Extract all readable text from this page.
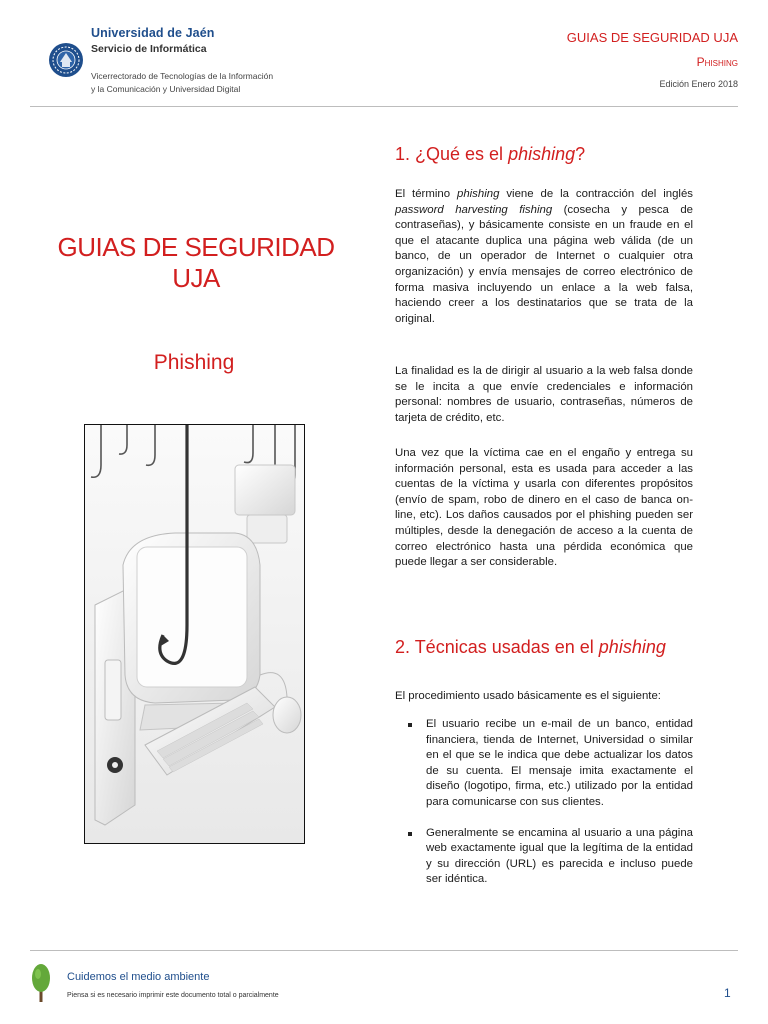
Universidad de Jaén
Servicio de Informática
Vicerrectorado de Tecnologías de la Información
y la Comunicación y Universidad Digital
GUIAS DE SEGURIDAD UJA
Phishing
Edición Enero 2018
GUIAS DE SEGURIDAD UJA
Phishing
1. ¿Qué es el phishing?
El término phishing viene de la contracción del inglés password harvesting fishing (cosecha y pesca de contraseñas), y básicamente consiste en un fraude en el que el atacante duplica una página web válida (de un banco, de un operador de Internet o cualquier otra organización) y envía mensajes de correo electrónico de forma masiva incluyendo un enlace a la web falsa, haciendo creer a los destinatarios que se trata de la original.
La finalidad es la de dirigir al usuario a la web falsa donde se le incita a que envíe credenciales e información personal: nombres de usuario, contraseñas, números de tarjeta de crédito, etc.
Una vez que la víctima cae en el engaño y entrega su información personal, esta es usada para acceder a las cuentas de la víctima y usarla con diferentes propósitos (envío de spam, robo de dinero en el caso de banca on-line, etc). Los daños causados por el phishing pueden ser múltiples, desde la denegación de acceso a la cuenta de correo electrónico hasta una pérdida económica que puede llegar a ser considerable.
2. Técnicas usadas en el phishing
El procedimiento usado básicamente es el siguiente:
El usuario recibe un e-mail de un banco, entidad financiera, tienda de Internet, Universidad o similar en el que se le indica que debe actualizar los datos de su cuenta. El mensaje imita exactamente el diseño (logotipo, firma, etc.) utilizado por la entidad para comunicarse con sus clientes.
Generalmente se encamina al usuario a una página web exactamente igual que la legítima de la entidad y su dirección (URL) es parecida e incluso puede ser idéntica.
Cuidemos el medio ambiente
Piensa si es necesario imprimir este documento total o parcialmente	1
